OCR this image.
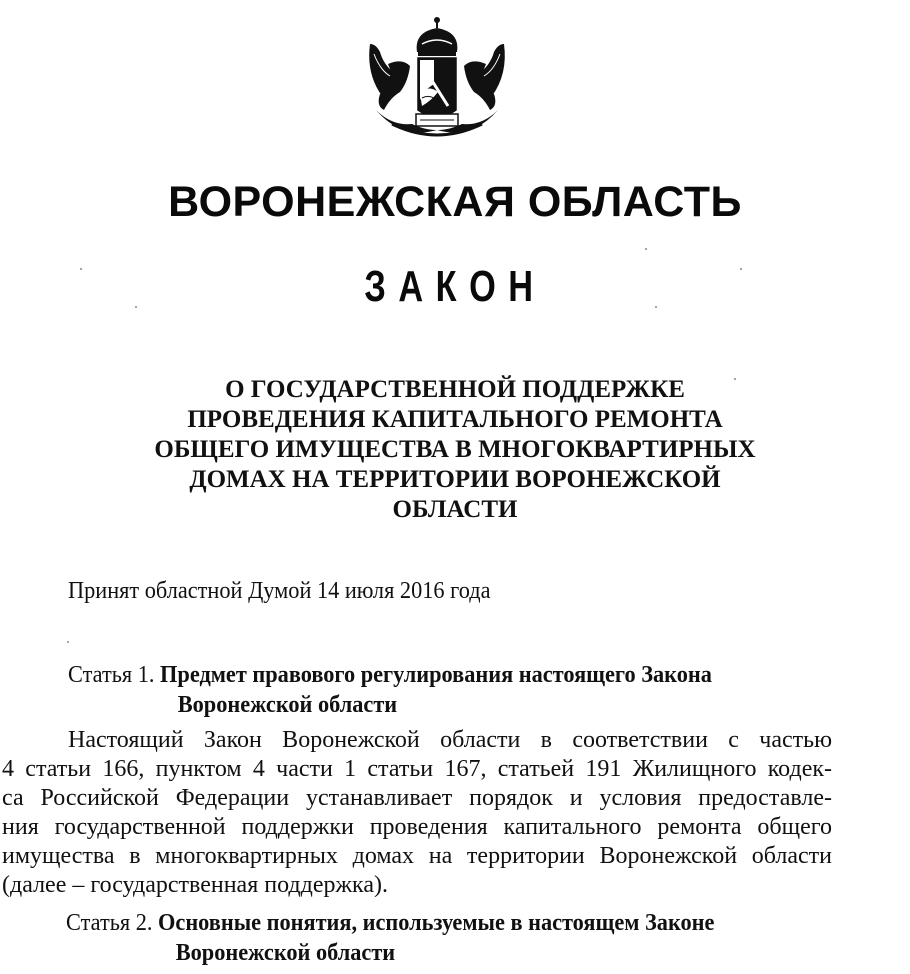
ВОРОНЕЖСКАЯ ОБЛАСТЬ
ЗАКОН
О ГОСУДАРСТВЕННОЙ ПОДДЕРЖКЕ
ПРОВЕДЕНИЯ КАПИТАЛЬНОГО РЕМОНТА
ОБЩЕГО ИМУЩЕСТВА В МНОГОКВАРТИРНЫХ
ДОМАХ НА ТЕРРИТОРИИ ВОРОНЕЖСКОЙ
ОБЛАСТИ
Принят областной Думой 14 июля 2016 года
Статья 1. Предмет правового регулирования настоящего Закона
Воронежской области
Настоящий Закон Воронежской области в соответствии с частью
4 статьи 166, пунктом 4 части 1 статьи 167, статьей 191 Жилищного кодек-
са Российской Федерации устанавливает порядок и условия предоставле-
ния государственной поддержки проведения капитального ремонта общего
имущества в многоквартирных домах на территории Воронежской области
(далее – государственная поддержка).
Статья 2. Основные понятия, используемые в настоящем Законе
Воронежской области
